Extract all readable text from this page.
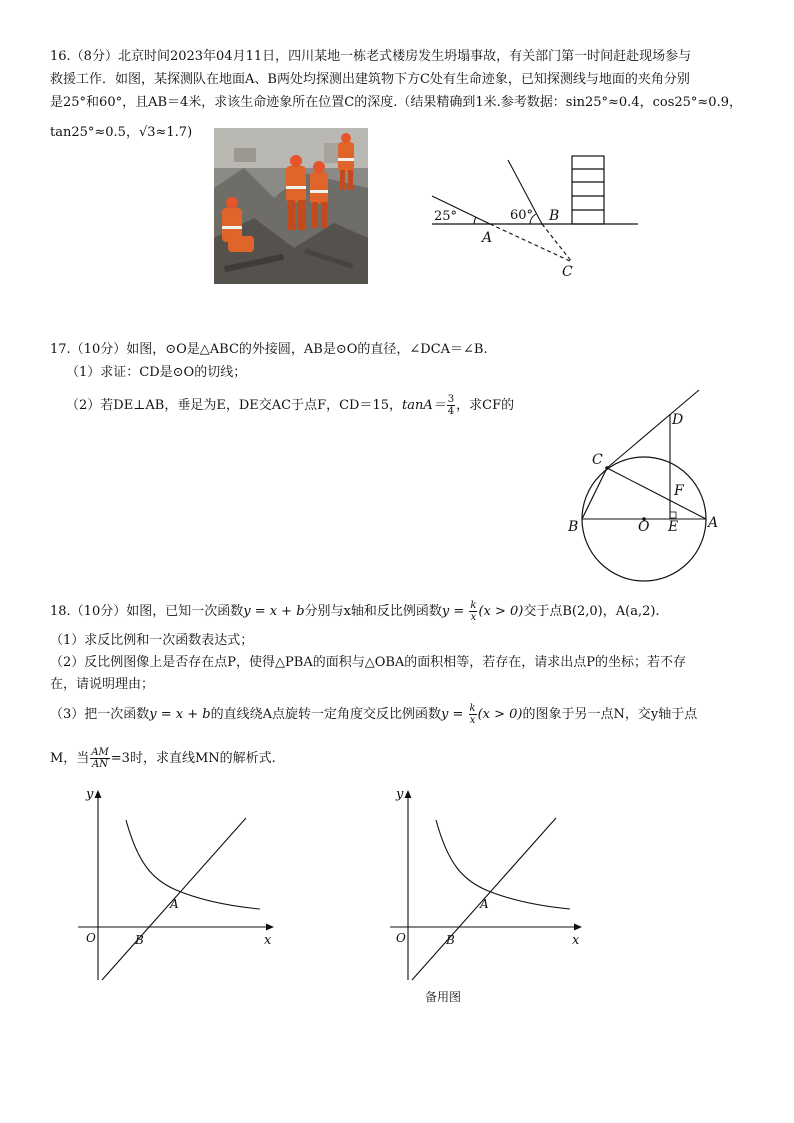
16.（8分）北京时间2023年04月11日，四川某地一栋老式楼房发生坍塌事故，有关部门第一时间赶赴现场参与
救援工作．如图，某探测队在地面A、B两处均探测出建筑物下方C处有生命迹象，已知探测线与地面的夹角分别
是25°和60°，且AB＝4米，求该生命迹象所在位置C的深度.（结果精确到1米.参考数据：sin25°≈0.4，cos25°≈0.9，
tan25°≈0.5，√3≈1.7)
25°	60°
A
B
C
17.（10分）如图，⊙O是△ABC的外接圆，AB是⊙O的直径，∠DCA＝∠B.
（1）求证：CD是⊙O的切线；
（2）若DE⊥AB，垂足为E，DE交AC于点F，CD＝15，$\tan A= \frac{3}{4}$ ，求CF的
D
C
F
B	O E A
18.（10分）如图，已知一次函数y = x + b分别与x轴和反比例函数$y = \frac{k}{x} (x > 0)$交于点B(2,0)，A(a,2).
（1）求反比例和一次函数表达式；
（2）反比例图像上是否存在点P，使得△PBA的面积与△OBA的面积相等，若存在，请求出点P的坐标；若不存
在，请说明理由；
（3）把一次函数y = x + b的直线绕A点旋转一定角度交反比例函数$y = \frac{k}{x} (x > 0)$的图象于另一点N，交y轴于点
M，当 $\frac{AM}{AN} =3$时，求直线MN的解析式.
y
x
O	B
A
y
x
O	B
A
备用图
